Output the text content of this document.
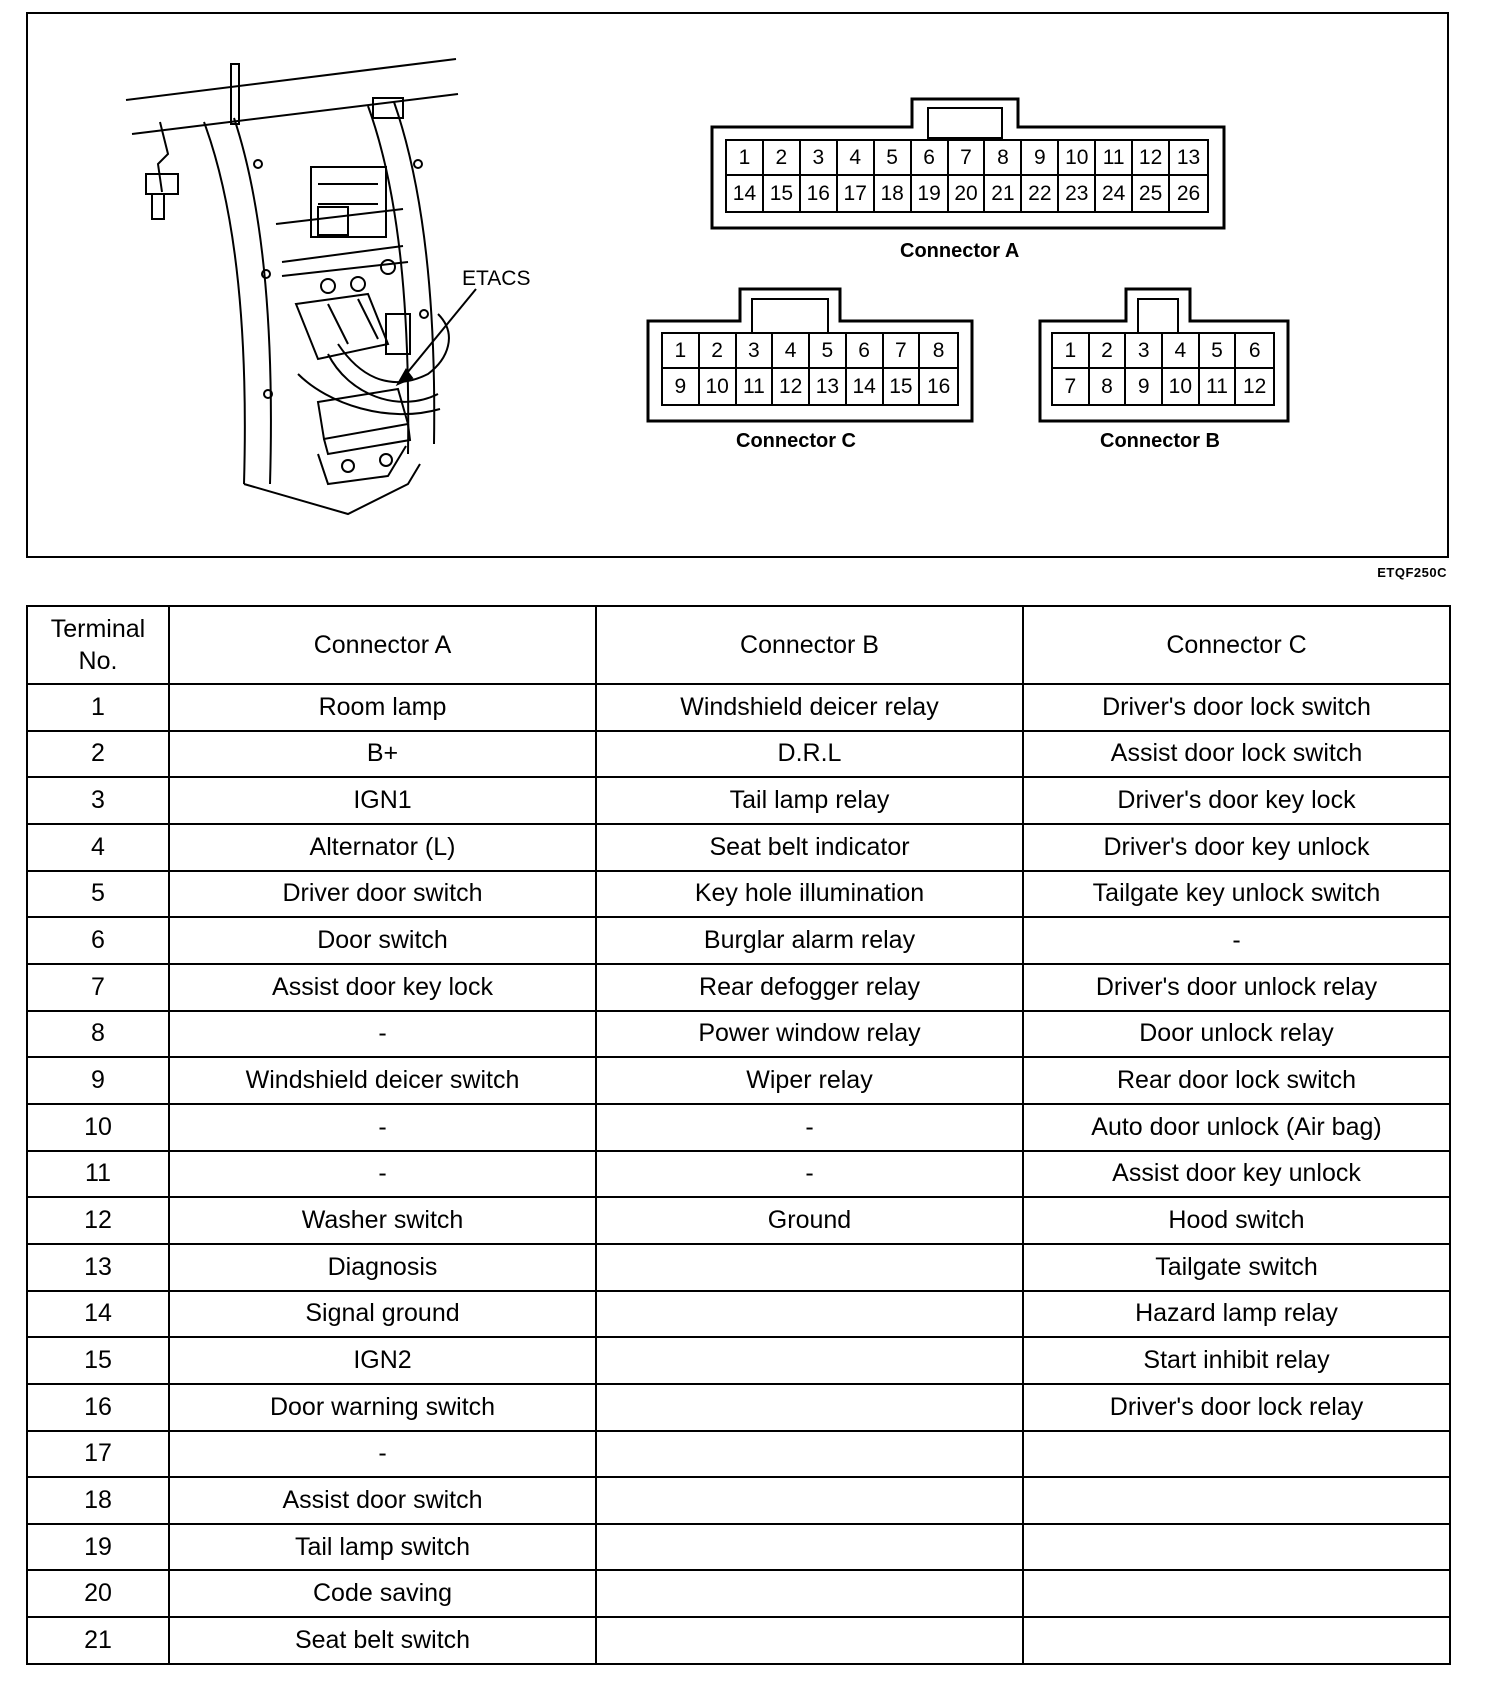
ETACS
1	2	3	4	5	6	7	8	9 10 11 12 13
14 15 16 17 18 19 20 21 22 23 24 25 26
Connector A
1	2	3	4	5	6	7	8
9 10 11 12 13 14 15 16
Connector C
1	2	3	4	5	6
7	8	9 10 11 12
Connector B
ETQF250C
Terminal No.	Connector A	Connector B	Connector C
1	Room lamp	Windshield deicer relay	Driver's door lock switch
2	B+	D.R.L	Assist door lock switch
3	IGN1	Tail lamp relay	Driver's door key lock
4	Alternator (L)	Seat belt indicator	Driver's door key unlock
5	Driver door switch	Key hole illumination	Tailgate key unlock switch
6	Door switch	Burglar alarm relay	-
7	Assist door key lock	Rear defogger relay	Driver's door unlock relay
8	-	Power window relay	Door unlock relay
9	Windshield deicer switch	Wiper relay	Rear door lock switch
10	-	-	Auto door unlock (Air bag)
11	-	-	Assist door key unlock
12	Washer switch	Ground	Hood switch
13	Diagnosis		Tailgate switch
14	Signal ground		Hazard lamp relay
15	IGN2		Start inhibit relay
16	Door warning switch		Driver's door lock relay
17	-		
18	Assist door switch		
19	Tail lamp switch		
20	Code saving		
21	Seat belt switch		
